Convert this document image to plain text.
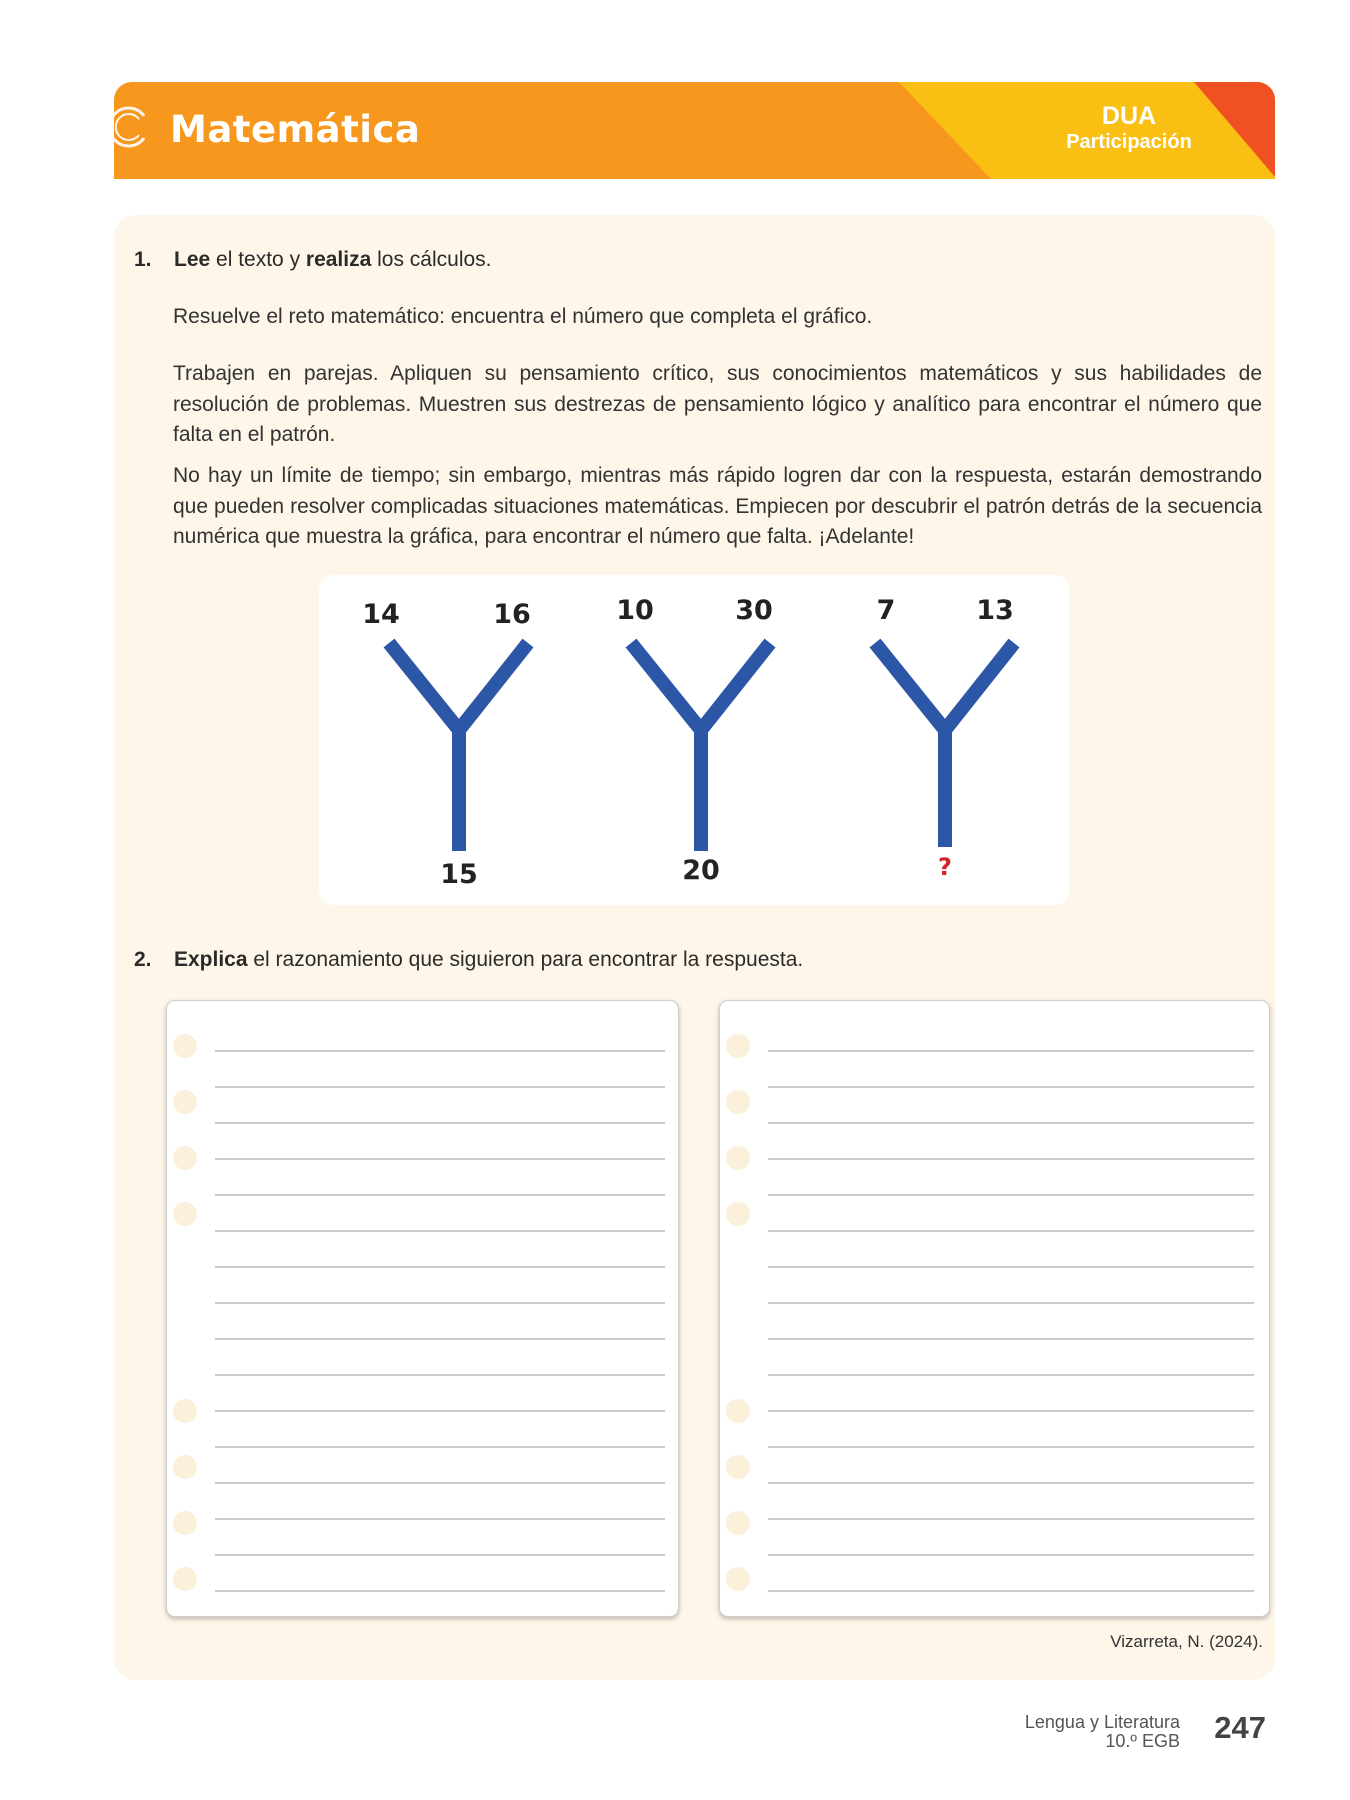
Matemática	DUA
Participación
1. Lee el texto y realiza los cálculos.
Resuelve el reto matemático: encuentra el número que completa el gráfico.
Trabajen en parejas. Apliquen su pensamiento crítico, sus conocimientos matemáticos y sus habilidades de resolución de problemas. Muestren sus destrezas de pensamiento lógico y analítico para encontrar el número que falta en el patrón.
No hay un límite de tiempo; sin embargo, mientras más rápido logren dar con la respuesta, estarán demostrando que pueden resolver complicadas situaciones matemáticas. Empiecen por descubrir el patrón detrás de la secuencia numérica que muestra la gráfica, para encontrar el número que falta. ¡Adelante!
14	16
15
10	30
20
7	13
?
2. Explica el razonamiento que siguieron para encontrar la respuesta.
Vizarreta, N. (2024).
Lengua y Literatura
10.º EGB 247
